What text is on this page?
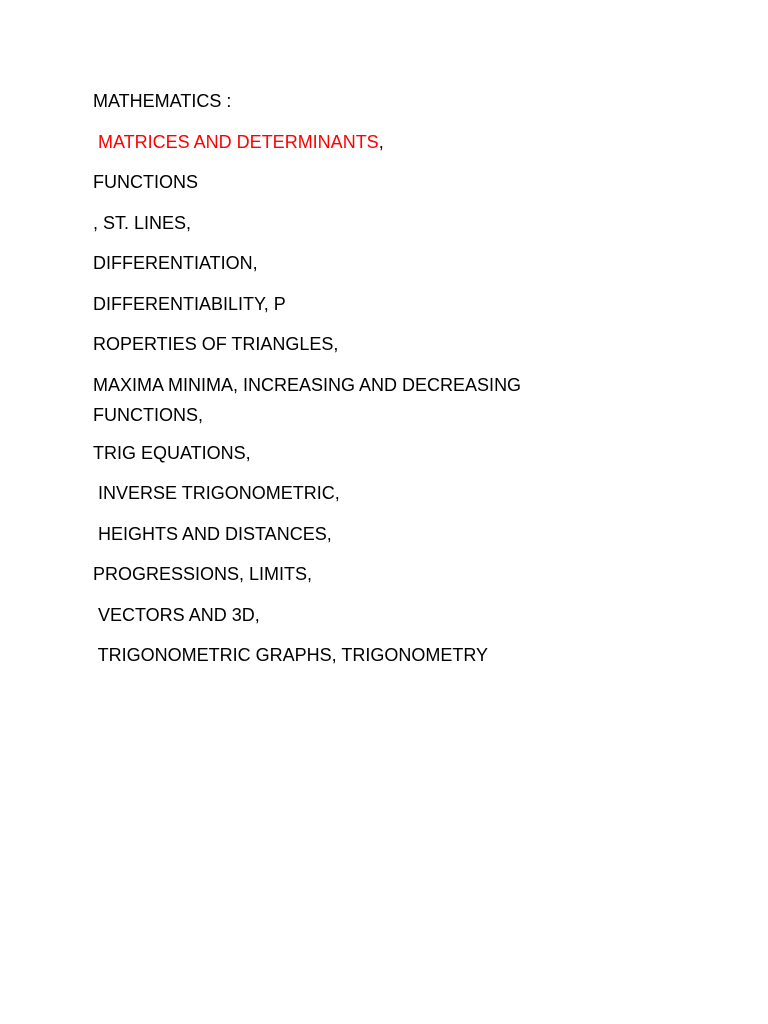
MATHEMATICS :
MATRICES AND DETERMINANTS,
FUNCTIONS
, ST. LINES,
DIFFERENTIATION,
DIFFERENTIABILITY, P
ROPERTIES OF TRIANGLES,
MAXIMA MINIMA, INCREASING AND DECREASING FUNCTIONS,
TRIG EQUATIONS,
INVERSE TRIGONOMETRIC,
HEIGHTS AND DISTANCES,
PROGRESSIONS, LIMITS,
VECTORS AND 3D,
TRIGONOMETRIC GRAPHS, TRIGONOMETRY
